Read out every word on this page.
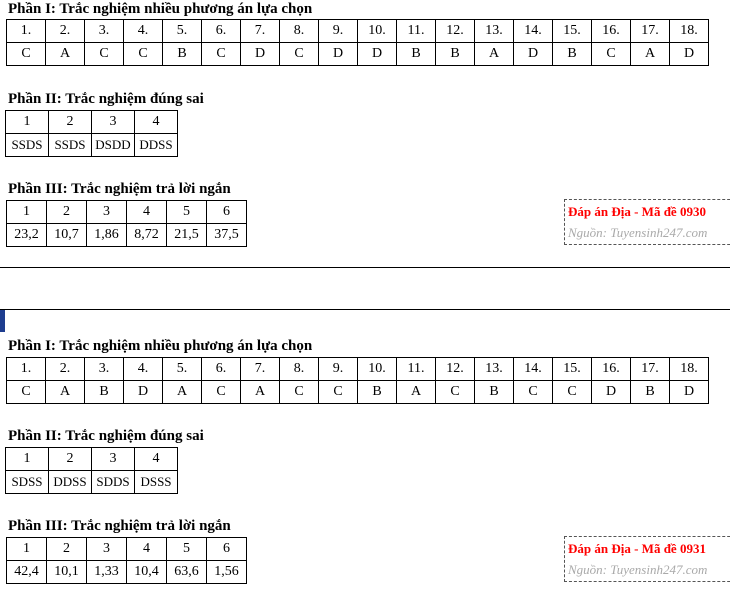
Phần I: Trắc nghiệm nhiều phương án lựa chọn
1.	2.	3.	4.	5.	6.	7.	8.	9.	10.	11.	12.	13.	14.	15.	16.	17.	18.
C	A	C	C	B	C	D	C	D	D	B	B	A	D	B	C	A	D
Phần II: Trắc nghiệm đúng sai
1	2	3	4
SSDS	SSDS	DSDD	DDSS
Phần III: Trắc nghiệm trả lời ngắn
1	2	3	4	5	6
23,2	10,7	1,86	8,72	21,5	37,5
Đáp án Địa - Mã đề 0930
Nguồn: Tuyensinh247.com
Phần I: Trắc nghiệm nhiều phương án lựa chọn
1.	2.	3.	4.	5.	6.	7.	8.	9.	10.	11.	12.	13.	14.	15.	16.	17.	18.
C	A	B	D	A	C	A	C	C	B	A	C	B	C	C	D	B	D
Phần II: Trắc nghiệm đúng sai
1	2	3	4
SDSS	DDSS	SDDS	DSSS
Phần III: Trắc nghiệm trả lời ngắn
1	2	3	4	5	6
42,4	10,1	1,33	10,4	63,6	1,56
Đáp án Địa - Mã đề 0931
Nguồn: Tuyensinh247.com
